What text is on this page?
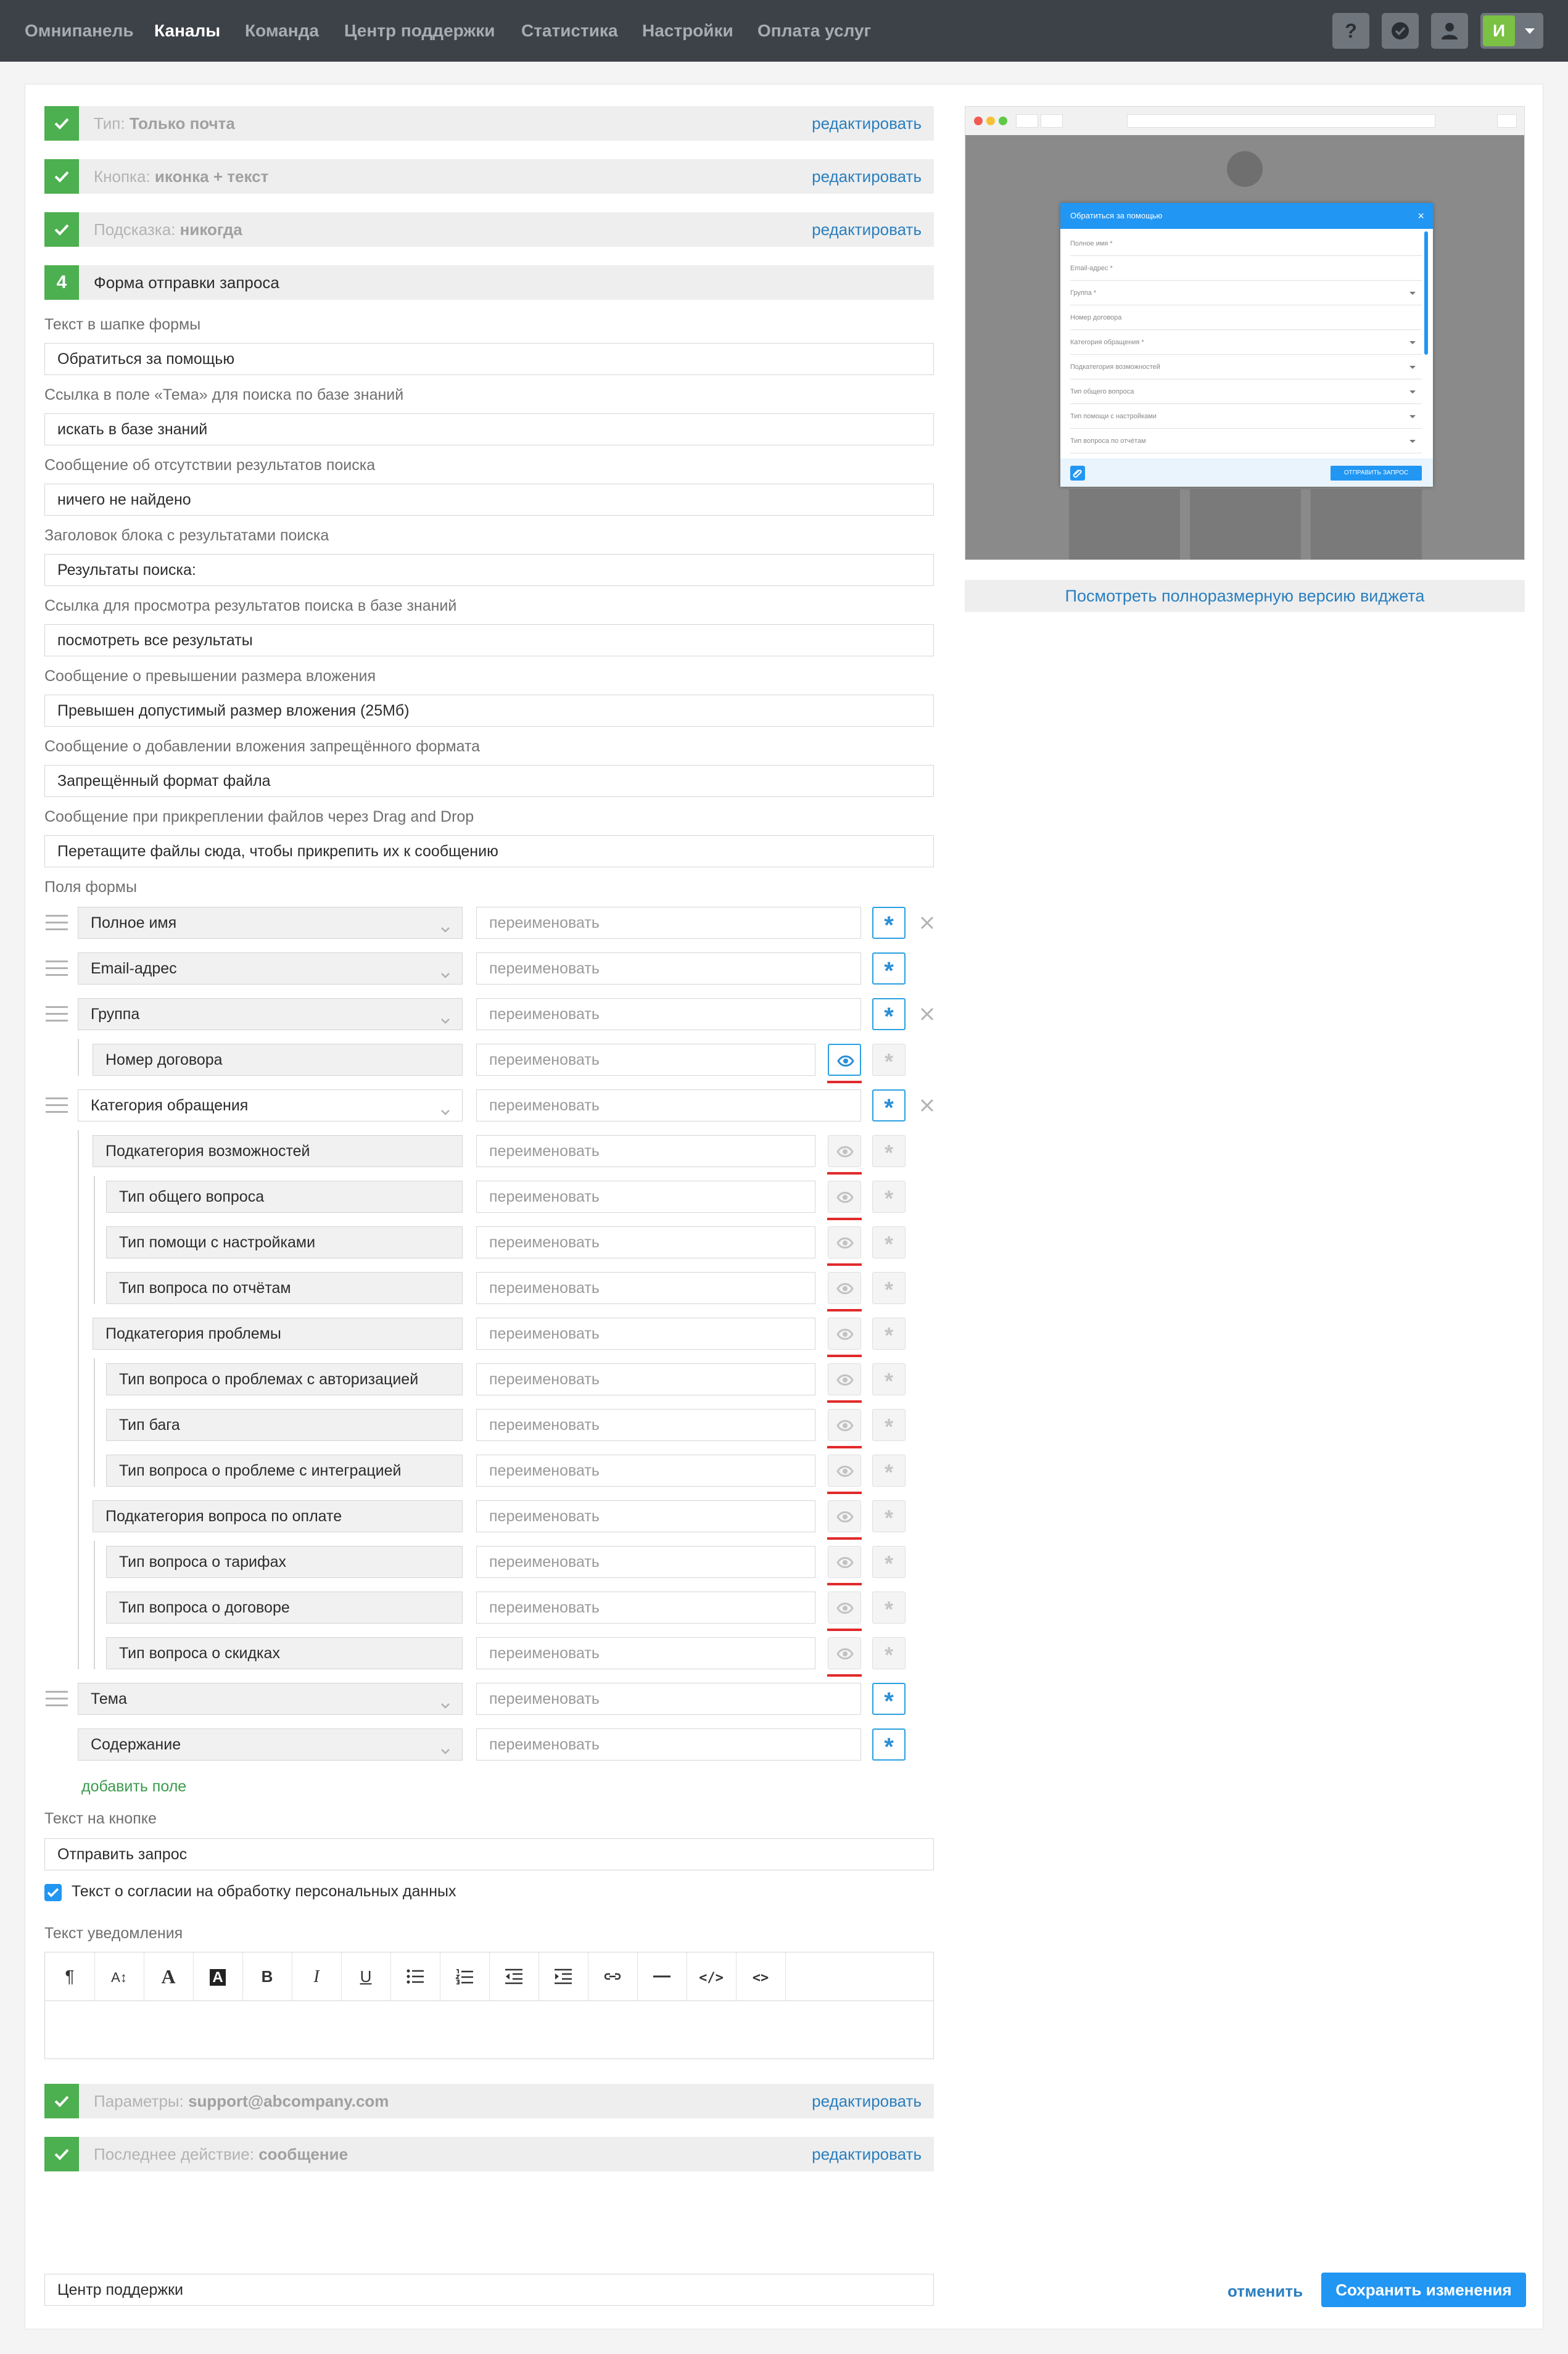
Омнипанель Каналы Команда Центр поддержки Статистика Настройки Оплата услуг	?	И
Тип: Только почта	редактировать
Кнопка: иконка + текст	редактировать
Подсказка: никогда	редактировать
4	Форма отправки запроса
Текст в шапке формы
Обратиться за помощью
Ссылка в поле «Тема» для поиска по базе знаний
искать в базе знаний
Сообщение об отсутствии результатов поиска
ничего не найдено
Заголовок блока с результатами поиска
Результаты поиска:
Ссылка для просмотра результатов поиска в базе знаний
посмотреть все результаты
Сообщение о превышении размера вложения
Превышен допустимый размер вложения (25Мб)
Сообщение о добавлении вложения запрещённого формата
Запрещённый формат файла
Сообщение при прикреплении файлов через Drag and Drop
Перетащите файлы сюда, чтобы прикрепить их к сообщению
Поля формы
Полное имя	переименовать	*
Email-адрес	переименовать	*
Группа	переименовать	*
Номер договора	переименовать	*
Категория обращения	переименовать	*
Подкатегория возможностей	переименовать	*
Тип общего вопроса	переименовать	*
Тип помощи с настройками	переименовать	*
Тип вопроса по отчётам	переименовать	*
Подкатегория проблемы	переименовать	*
Тип вопроса о проблемах с авторизацией	переименовать	*
Тип бага	переименовать	*
Тип вопроса о проблеме с интеграцией	переименовать	*
Подкатегория вопроса по оплате	переименовать	*
Тип вопроса о тарифах	переименовать	*
Тип вопроса о договоре	переименовать	*
Тип вопроса о скидках	переименовать	*
Тема	переименовать	*
Содержание	переименовать	*
добавить поле
Текст на кнопке
Отправить запрос
Текст о согласии на обработку персональных данных
Текст уведомления
¶	A↕	A	A	B	I	U	</>	<>
Параметры: support@abcompany.com	редактировать
Последнее действие: сообщение	редактировать
Центр поддержки	отменить	Сохранить изменения
Обратиться за помощью	×
Полное имя *
Email-адрес *
Группа *
Номер договора
Категория обращения *
Подкатегория возможностей
Тип общего вопроса
Тип помощи с настройками
Тип вопроса по отчётам
ОТПРАВИТЬ ЗАПРОС
Посмотреть полноразмерную версию виджета
